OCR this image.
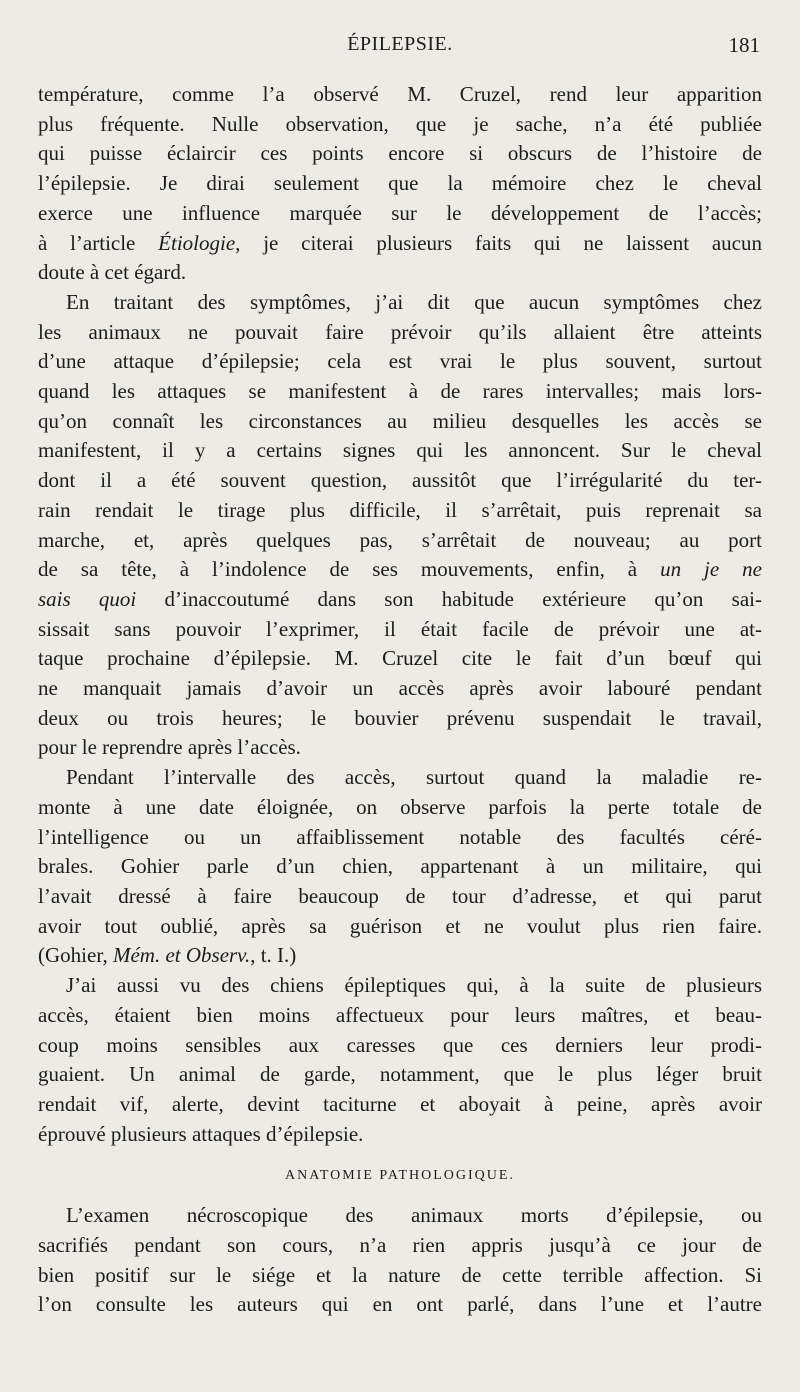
ÉPILEPSIE.	181
température, comme l’a observé M. Cruzel, rend leur apparition
plus fréquente. Nulle observation, que je sache, n’a été publiée
qui puisse éclaircir ces points encore si obscurs de l’histoire de
l’épilepsie. Je dirai seulement que la mémoire chez le cheval
exerce une influence marquée sur le développement de l’accès;
à l’article Étiologie, je citerai plusieurs faits qui ne laissent aucun
doute à cet égard.
En traitant des symptômes, j’ai dit que aucun symptômes chez
les animaux ne pouvait faire prévoir qu’ils allaient être atteints
d’une attaque d’épilepsie; cela est vrai le plus souvent, surtout
quand les attaques se manifestent à de rares intervalles; mais lors-
qu’on connaît les circonstances au milieu desquelles les accès se
manifestent, il y a certains signes qui les annoncent. Sur le cheval
dont il a été souvent question, aussitôt que l’irrégularité du ter-
rain rendait le tirage plus difficile, il s’arrêtait, puis reprenait sa
marche, et, après quelques pas, s’arrêtait de nouveau; au port
de sa tête, à l’indolence de ses mouvements, enfin, à un je ne
sais quoi d’inaccoutumé dans son habitude extérieure qu’on sai-
sissait sans pouvoir l’exprimer, il était facile de prévoir une at-
taque prochaine d’épilepsie. M. Cruzel cite le fait d’un bœuf qui
ne manquait jamais d’avoir un accès après avoir labouré pendant
deux ou trois heures; le bouvier prévenu suspendait le travail,
pour le reprendre après l’accès.
Pendant l’intervalle des accès, surtout quand la maladie re-
monte à une date éloignée, on observe parfois la perte totale de
l’intelligence ou un affaiblissement notable des facultés céré-
brales. Gohier parle d’un chien, appartenant à un militaire, qui
l’avait dressé à faire beaucoup de tour d’adresse, et qui parut
avoir tout oublié, après sa guérison et ne voulut plus rien faire.
(Gohier, Mém. et Observ., t. I.)
J’ai aussi vu des chiens épileptiques qui, à la suite de plusieurs
accès, étaient bien moins affectueux pour leurs maîtres, et beau-
coup moins sensibles aux caresses que ces derniers leur prodi-
guaient. Un animal de garde, notamment, que le plus léger bruit
rendait vif, alerte, devint taciturne et aboyait à peine, après avoir
éprouvé plusieurs attaques d’épilepsie.
ANATOMIE PATHOLOGIQUE.
L’examen nécroscopique des animaux morts d’épilepsie, ou
sacrifiés pendant son cours, n’a rien appris jusqu’à ce jour de
bien positif sur le siége et la nature de cette terrible affection. Si
l’on consulte les auteurs qui en ont parlé, dans l’une et l’autre
